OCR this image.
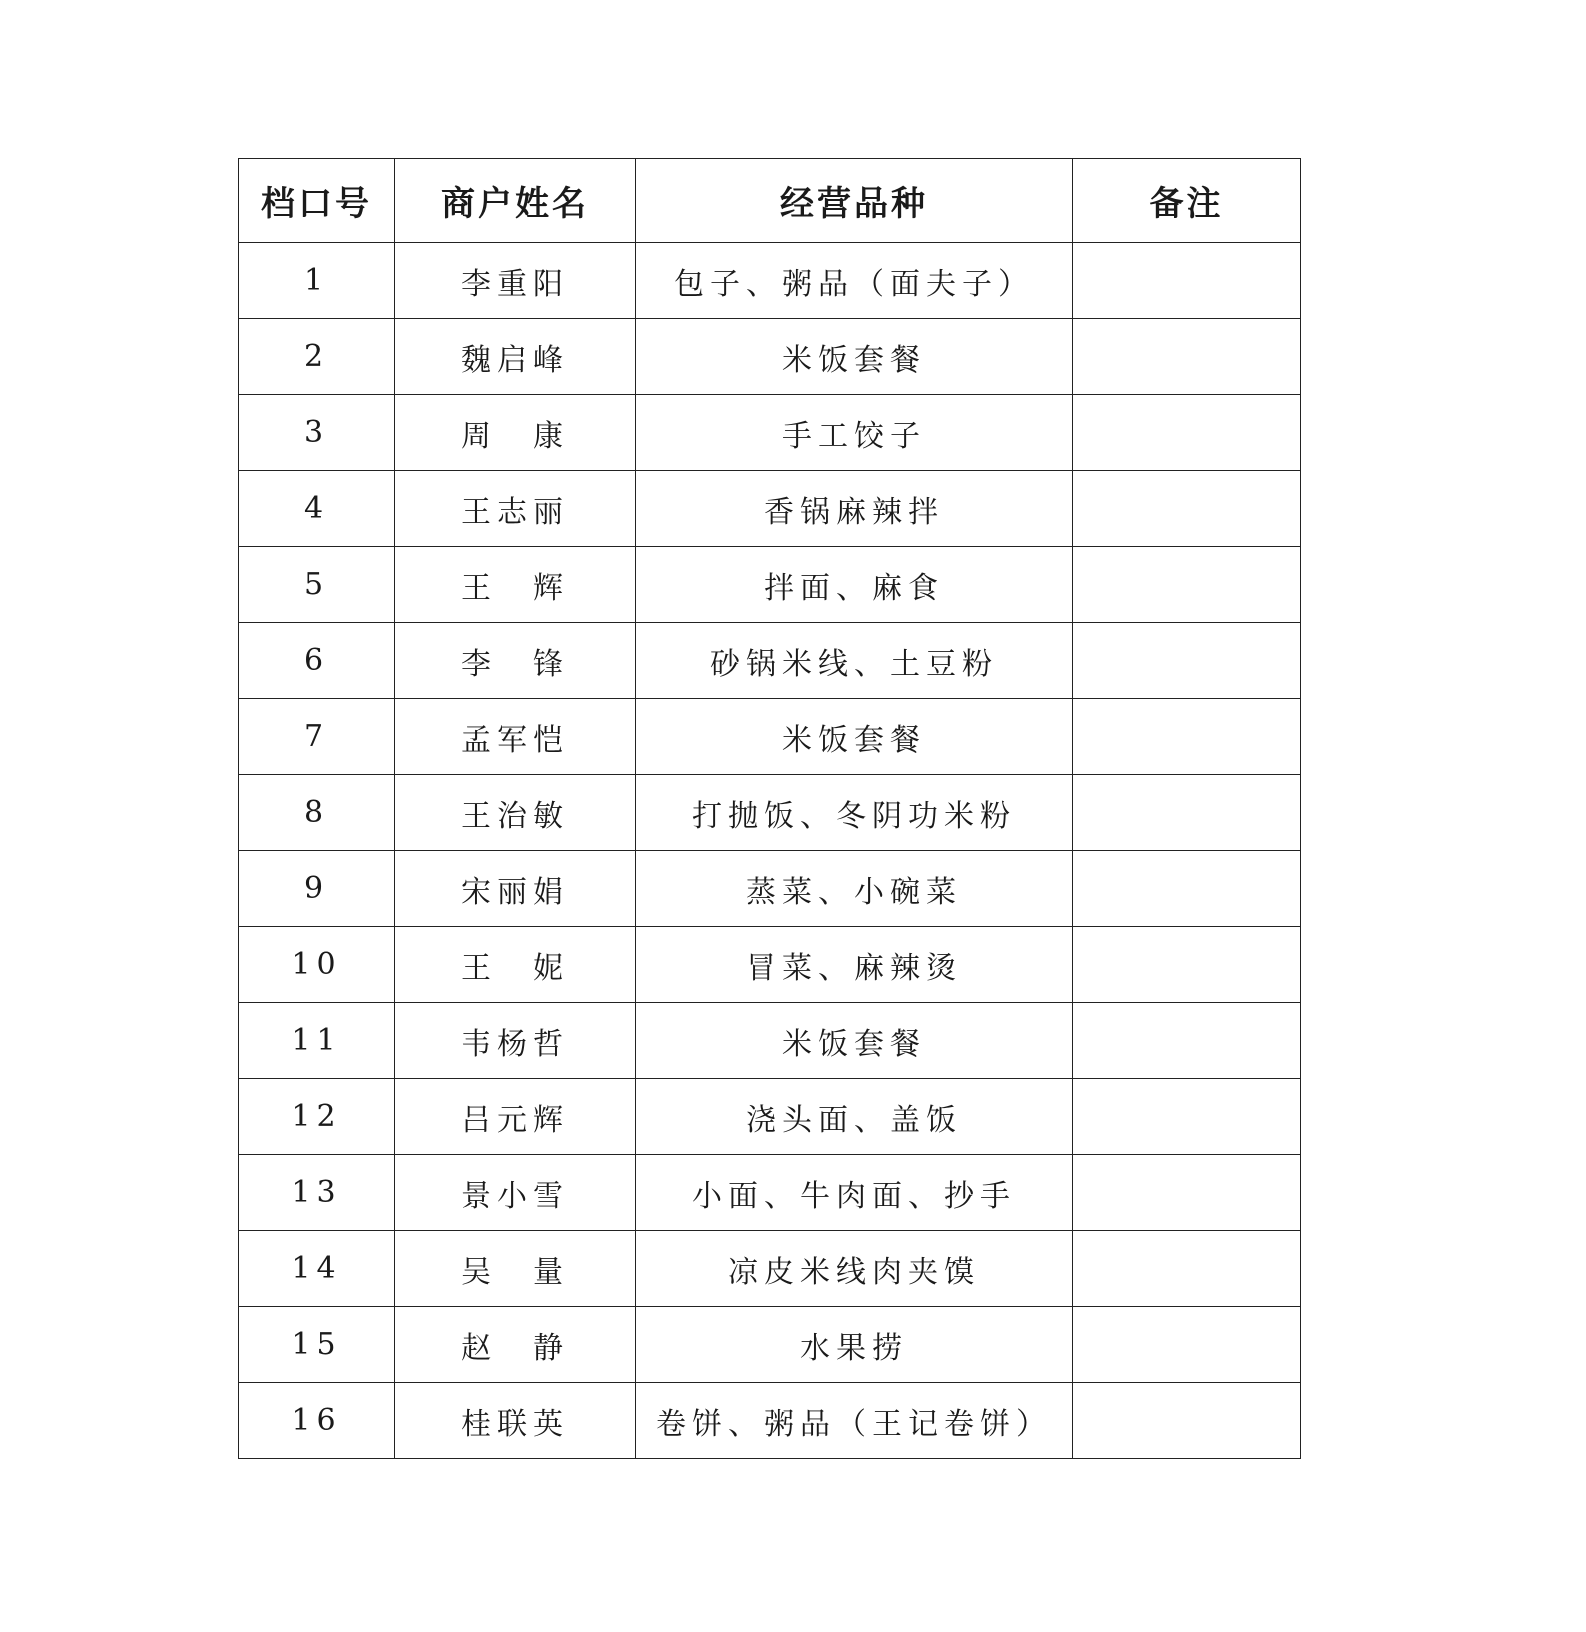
档口号	商户姓名	经营品种	备注
1	李重阳	包子、粥品（面夫子）	
2	魏启峰	米饭套餐	
3	周　康	手工饺子	
4	王志丽	香锅麻辣拌	
5	王　辉	拌面、麻食	
6	李　锋	砂锅米线、土豆粉	
7	孟军恺	米饭套餐	
8	王治敏	打抛饭、冬阴功米粉	
9	宋丽娟	蒸菜、小碗菜	
10	王　妮	冒菜、麻辣烫	
11	韦杨哲	米饭套餐	
12	吕元辉	浇头面、盖饭	
13	景小雪	小面、牛肉面、抄手	
14	吴　量	凉皮米线肉夹馍	
15	赵　静	水果捞	
16	桂联英	卷饼、粥品（王记卷饼）	
